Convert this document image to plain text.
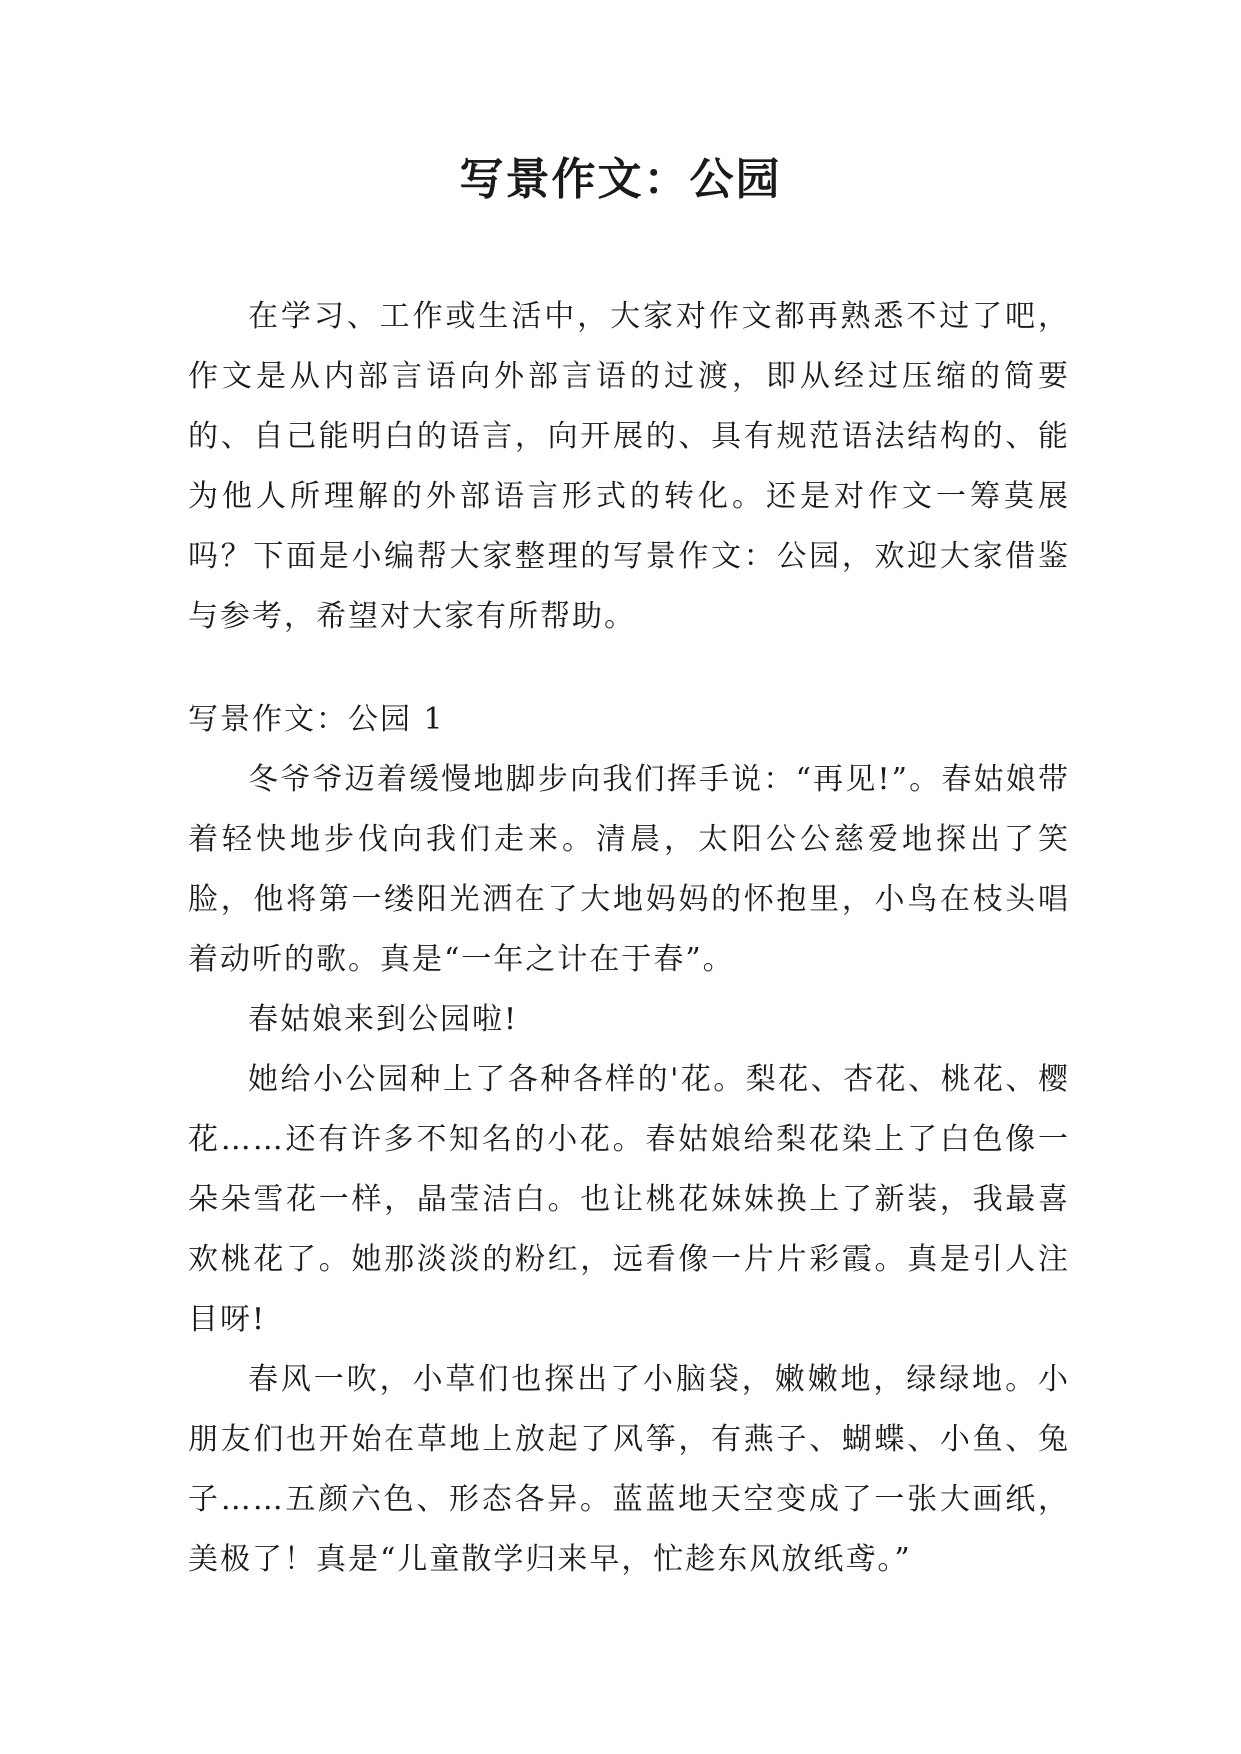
写景作文：公园

在学习、工作或生活中，大家对作文都再熟悉不过了吧，作文是从内部言语向外部言语的过渡，即从经过压缩的简要的、自己能明白的语言，向开展的、具有规范语法结构的、能为他人所理解的外部语言形式的转化。还是对作文一筹莫展吗？下面是小编帮大家整理的写景作文：公园，欢迎大家借鉴与参考，希望对大家有所帮助。

写景作文：公园 1

冬爷爷迈着缓慢地脚步向我们挥手说：“再见!”。春姑娘带着轻快地步伐向我们走来。清晨，太阳公公慈爱地探出了笑脸，他将第一缕阳光洒在了大地妈妈的怀抱里，小鸟在枝头唱着动听的歌。真是“一年之计在于春”。

春姑娘来到公园啦!

她给小公园种上了各种各样的'花。梨花、杏花、桃花、樱花……还有许多不知名的小花。春姑娘给梨花染上了白色像一朵朵雪花一样，晶莹洁白。也让桃花妹妹换上了新装，我最喜欢桃花了。她那淡淡的粉红，远看像一片片彩霞。真是引人注目呀!

春风一吹，小草们也探出了小脑袋，嫩嫩地，绿绿地。小朋友们也开始在草地上放起了风筝，有燕子、蝴蝶、小鱼、兔子……五颜六色、形态各异。蓝蓝地天空变成了一张大画纸，美极了！真是“儿童散学归来早，忙趁东风放纸鸢。”
